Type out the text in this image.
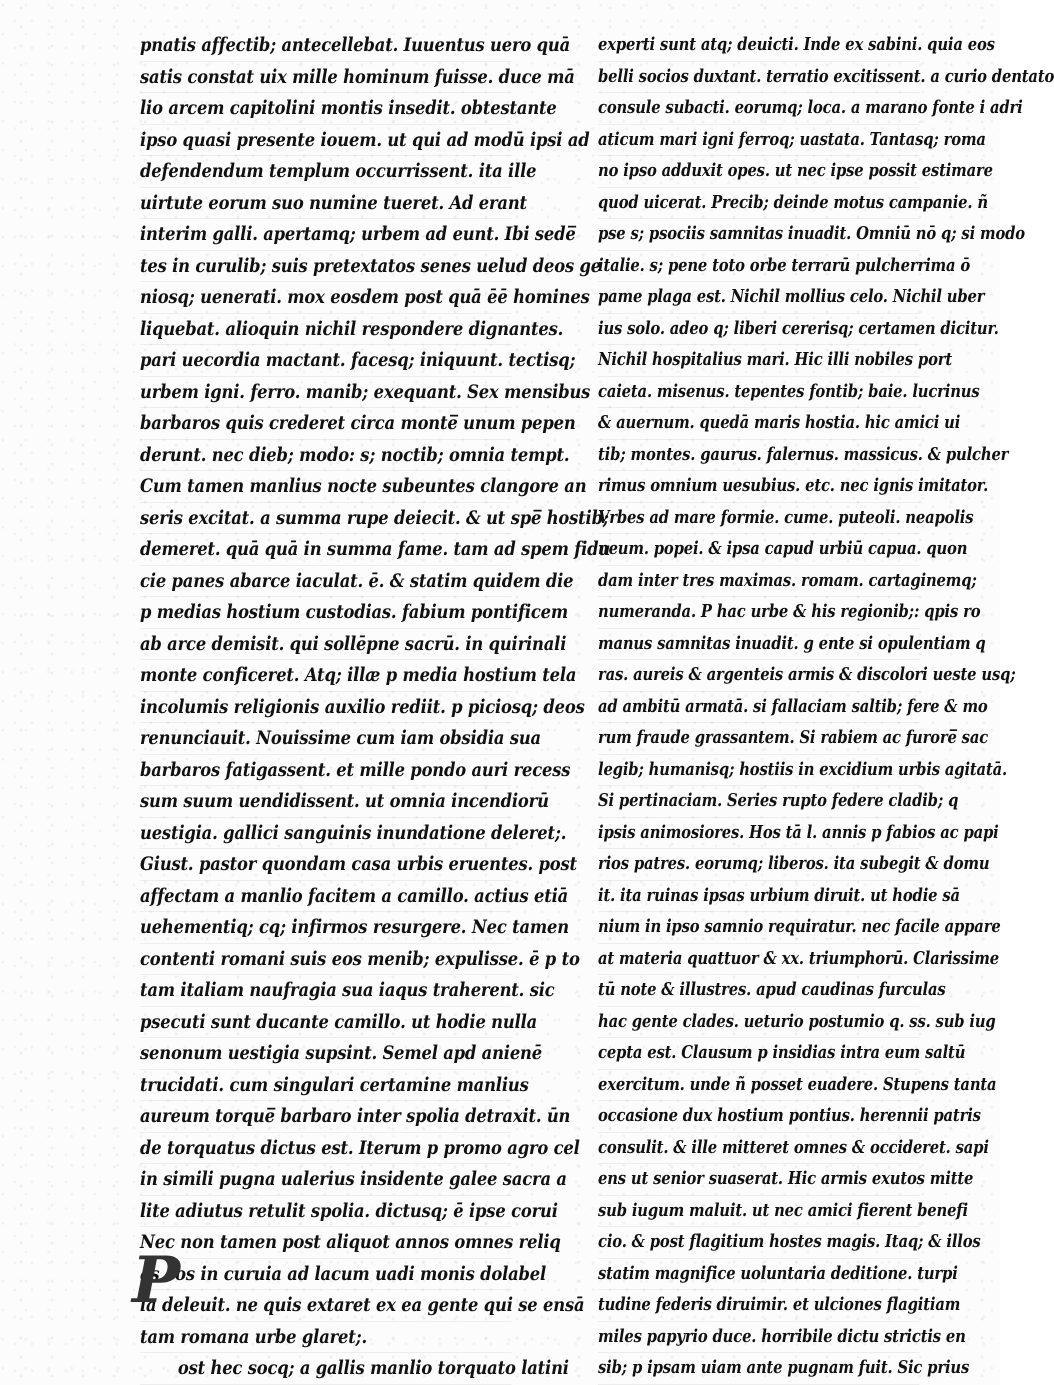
pnatis affectib; antecellebat. Iuuentus uero quā
satis constat uix mille hominum fuisse. duce mā
lio arcem capitolini montis insedit. obtestante
ipso quasi presente iouem. ut qui ad modū ipsi ad
defendendum templum occurrissent. ita ille
uirtute eorum suo numine tueret. Ad erant
interim galli. apertamq; urbem ad eunt. Ibi sede̅
tes in curulib; suis pretextatos senes uelud deos ge
niosq; uenerati. mox eosdem post quā ēē homines
liquebat. alioquin nichil respondere dignantes.
pari uecordia mactant. facesq; iniquunt. tectisq;
urbem igni. ferro. manib; exequant. Sex mensibus
barbaros quis crederet circa monte̅ unum pepen
derunt. nec dieb; modo: s; noctib; omnia tempt.
Cum tamen manlius nocte subeuntes clangore an
seris excitat. a summa rupe deiecit. & ut spe̅ hostib;
demeret. quā quā in summa fame. tam ad spem fidu
cie panes abarce iaculat. ē. & statim quidem die
p medias hostium custodias. fabium pontificem
ab arce demisit. qui sollēpne sacrū. in quirinali
monte conficeret. Atq; illæ p media hostium tela
incolumis religionis auxilio rediit. p piciosq; deos
renunciauit. Nouissime cum iam obsidia sua
barbaros fatigassent. et mille pondo auri recess
sum suum uendidissent. ut omnia incendiorū
uestigia. gallici sanguinis inundatione deleret;.
Giust. pastor quondam casa urbis eruentes. post
affectam a manlio facitem a camillo. actius etiā
uehementiq; cq; infirmos resurgere. Nec tamen
contenti romani suis eos menib; expulisse. ē p to
tam italiam naufragia sua iaqus traherent. sic
psecuti sunt ducante camillo. ut hodie nulla
senonum uestigia supsint. Semel apd anienē
trucidati. cum singulari certamine manlius
aureum torque̅ barbaro inter spolia detraxit. ūn
de torquatus dictus est. Iterum p promo agro cel
in simili pugna ualerius insidente galee sacra a
lite adiutus retulit spolia. dictusq; ē ipse corui
Nec non tamen post aliquot annos omnes reliq
as eos in curuia ad lacum uadi monis dolabel
la deleuit. ne quis extaret ex ea gente qui se ensā
tam romana urbe glaret;.
ost hec socq; a gallis manlio torquato latini
experti sunt atq; deuicti. Inde ex sabini. quia eos
belli socios duxtant. terratio excitissent. a curio dentato
consule subacti. eorumq; loca. a marano fonte i adri
aticum mari igni ferroq; uastata. Tantasq; roma
no ipso adduxit opes. ut nec ipse possit estimare
quod uicerat. Precib; deinde motus campanie. ñ
pse s; psociis samnitas inuadit. Omniū nō q; si modo
italie. s; pene toto orbe terrarū pulcherrima ō
pame plaga est. Nichil mollius celo. Nichil uber
ius solo. adeo q; liberi cererisq; certamen dicitur.
Nichil hospitalius mari. Hic illi nobiles port
caieta. misenus. tepentes fontib; baie. lucrinus
& auernum. quedā maris hostia. hic amici ui
tib; montes. gaurus. falernus. massicus. & pulcher
rimus omnium uesubius. etc. nec ignis imitator.
Vrbes ad mare formie. cume. puteoli. neapolis
neum. popei. & ipsa capud urbiū capua. quon
dam inter tres maximas. romam. cartaginemq;
numeranda. P hac urbe & his regionib;: qpis ro
manus samnitas inuadit. g ente si opulentiam q
ras. aureis & argenteis armis & discolori ueste usq;
ad ambitū armatā. si fallaciam saltib; fere & mo
rum fraude grassantem. Si rabiem ac furore̅ sac
legib; humanisq; hostiis in excidium urbis agitatā.
Si pertinaciam. Series rupto federe cladib; q
ipsis animosiores. Hos tā l. annis p fabios ac papi
rios patres. eorumq; liberos. ita subegit & domu
it. ita ruinas ipsas urbium diruit. ut hodie sā
nium in ipso samnio requiratur. nec facile appare
at materia quattuor & xx. triumphorū. Clarissime
tū note & illustres. apud caudinas furculas
hac gente clades. ueturio postumio q. ss. sub iug
cepta est. Clausum p insidias intra eum saltū
exercitum. unde ñ posset euadere. Stupens tanta
occasione dux hostium pontius. herennii patris
consulit. & ille mitteret omnes & occideret. sapi
ens ut senior suaserat. Hic armis exutos mitte
sub iugum maluit. ut nec amici fierent benefi
cio. & post flagitium hostes magis. Itaq; & illos
statim magnifice uoluntaria deditione. turpi
tudine federis diruimir. et ulciones flagitiam
miles papyrio duce. horribile dictu strictis en
sib; p ipsam uiam ante pugnam fuit. Sic prius
P
